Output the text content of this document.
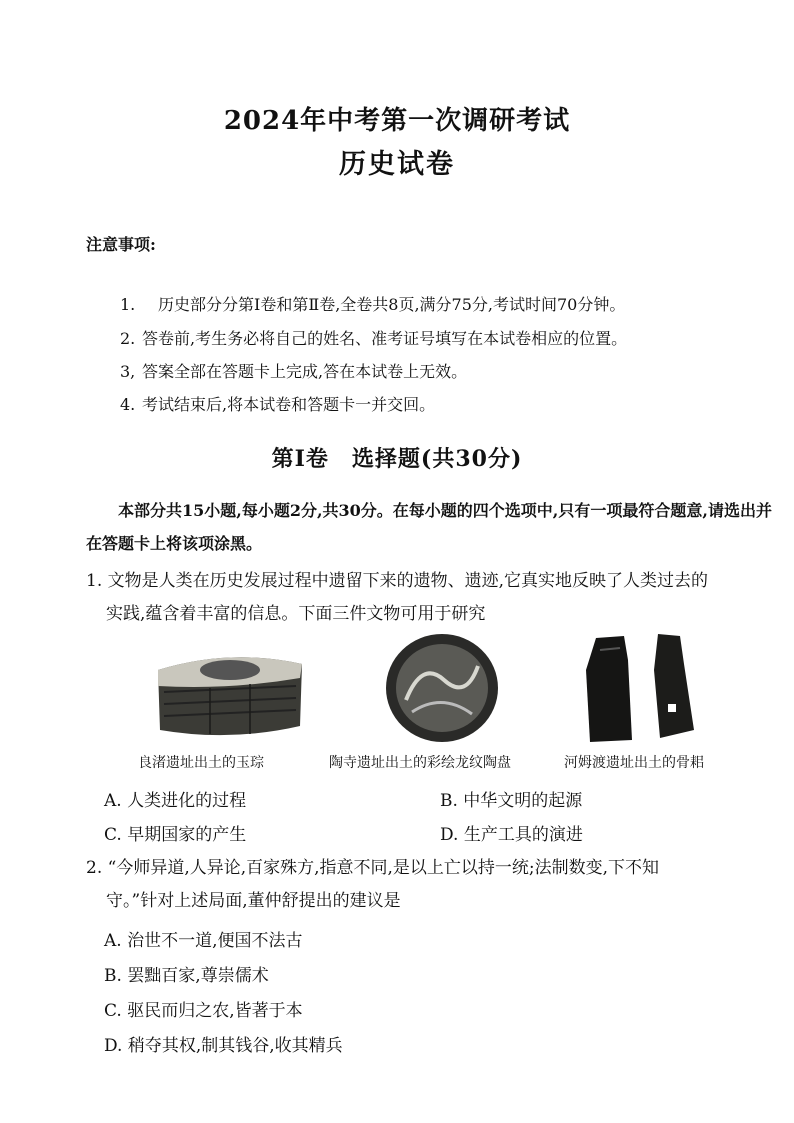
2024年中考第一次调研考试
历史试卷
注意事项:
1. 历史部分分第Ⅰ卷和第Ⅱ卷,全卷共8页,满分75分,考试时间70分钟。
2. 答卷前,考生务必将自己的姓名、准考证号填写在本试卷相应的位置。
3, 答案全部在答题卡上完成,答在本试卷上无效。
4. 考试结束后,将本试卷和答题卡一并交回。
第Ⅰ卷　选择题(共30分)
本部分共15小题,每小题2分,共30分。在每小题的四个选项中,只有一项最符合题意,请选出并在答题卡上将该项涂黑。
1. 文物是人类在历史发展过程中遗留下来的遗物、遗迹,它真实地反映了人类过去的
实践,蕴含着丰富的信息。下面三件文物可用于研究
良渚遗址出土的玉琮	陶寺遗址出土的彩绘龙纹陶盘	河姆渡遗址出土的骨耜
A. 人类进化的过程	B. 中华文明的起源
C. 早期国家的产生	D. 生产工具的演进
2. “今师异道,人异论,百家殊方,指意不同,是以上亡以持一统;法制数变,下不知
守。”针对上述局面,董仲舒提出的建议是
A. 治世不一道,便国不法古
B. 罢黜百家,尊崇儒术
C. 驱民而归之农,皆著于本
D. 稍夺其权,制其钱谷,收其精兵
